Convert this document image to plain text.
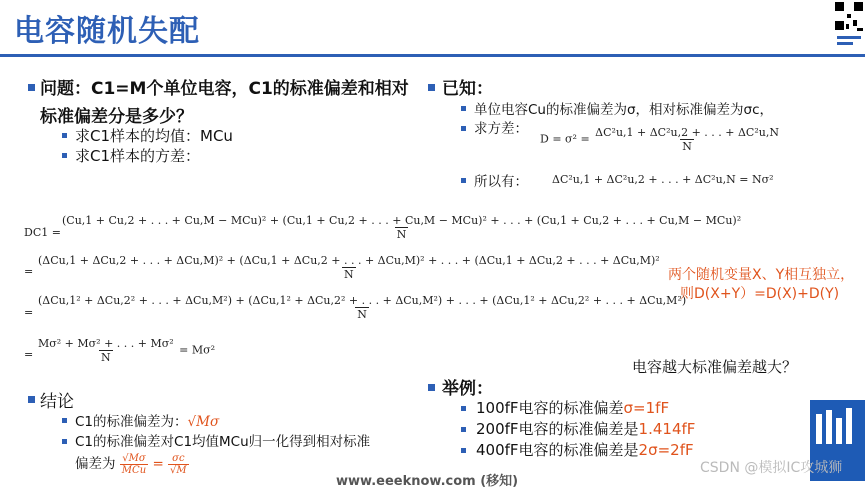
电容随机失配
问题：C1=M个单位电容，C1的标准偏差和相对
标准偏差分是多少？
求C1样本的均值：MCu
求C1样本的方差：
已知：
单位电容Cu的标准偏差为σ，相对标准偏差为σc，
求方差：
$D = \sigma^2 = \frac{\text{ΔC²u,1 + ΔC²u,2 + . . . + ΔC²u,N}}{N}$
所以有： ΔC²u,1 + ΔC²u,2 + . . . + ΔC²u,N = Nσ²
DC1 =
(Cu,1 + Cu,2 + . . . + Cu,M − MCu)² + (Cu,1 + Cu,2 + . . . + Cu,M − MCu)² + . . . + (Cu,1 + Cu,2 + . . . + Cu,M − MCu)²
N
=
(ΔCu,1 + ΔCu,2 + . . . + ΔCu,M)² + (ΔCu,1 + ΔCu,2 + . . . + ΔCu,M)² + . . . + (ΔCu,1 + ΔCu,2 + . . . + ΔCu,M)²
N
=
(ΔCu,1² + ΔCu,2² + . . . + ΔCu,M²) + (ΔCu,1² + ΔCu,2² + . . . + ΔCu,M²) + . . . + (ΔCu,1² + ΔCu,2² + . . . + ΔCu,M²)
N
= $\frac{\text{Mσ² + Mσ² + . . . + Mσ²}}{N} = M\sigma^2$
两个随机变量X、Y相互独立，
则D(X+Y）=D(X)+D(Y)
电容越大标准偏差越大？
结论
C1的标准偏差为：√Mσ
C1的标准偏差对C1均值MCu归一化得到相对标准
偏差为 $\frac{√M\sigma}{\text{MCu}} = \frac{\sigma c}{√M}$
举例：
100fF电容的标准偏差σ=1fF
200fF电容的标准偏差是1.414fF
400fF电容的标准偏差是2σ=2fF
www.eeeknow.com (移知)
CSDN @模拟IC攻城狮
